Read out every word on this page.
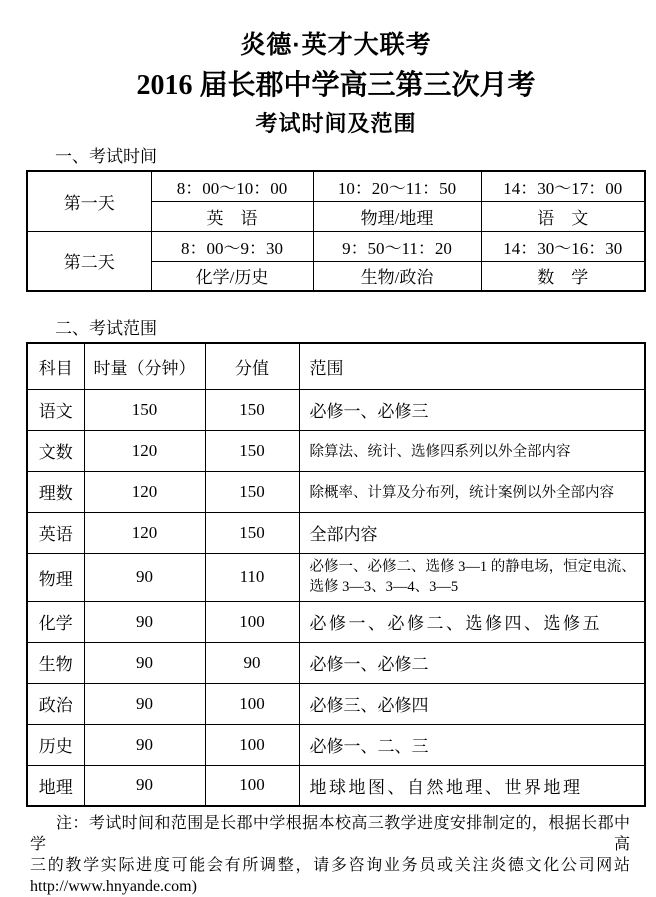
炎德·英才大联考
2016 届长郡中学高三第三次月考
考试时间及范围
一、考试时间
第一天	8：00～10：00	10：20～11：50	14：30～17：00
	英　语	物理/地理	语　文
第二天	8：00～9：30	9：50～11：20	14：30～16：30
	化学/历史	生物/政治	数　学
二、考试范围
科目	时量（分钟）	分值	范围
语文	150	150	必修一、必修三
文数	120	150	除算法、统计、选修四系列以外全部内容
理数	120	150	除概率、计算及分布列，统计案例以外全部内容
英语	120	150	全部内容
物理	90	110	必修一、必修二、选修 3—1 的静电场，恒定电流、选修 3—3、3—4、3—5
化学	90	100	必修一、必修二、选修四、选修五
生物	90	90	必修一、必修二
政治	90	100	必修三、必修四
历史	90	100	必修一、二、三
地理	90	100	地球地图、自然地理、世界地理
注：考试时间和范围是长郡中学根据本校高三教学进度安排制定的，根据长郡中学高
三的教学实际进度可能会有所调整，请多咨询业务员或关注炎德文化公司网站
http://www.hnyande.com)
